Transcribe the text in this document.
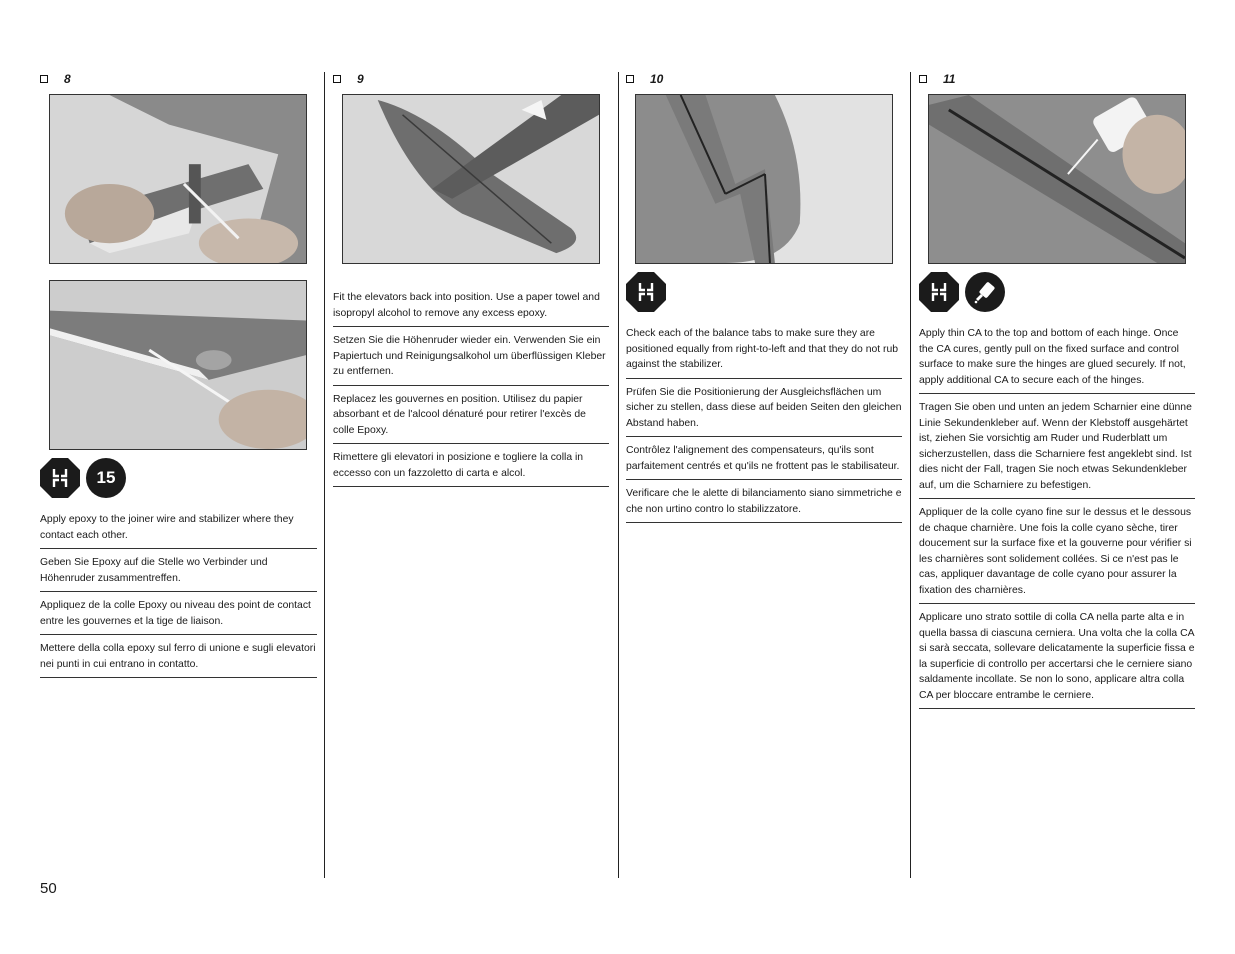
8
15
Apply epoxy to the joiner wire and stabilizer where they contact each other.
Geben Sie Epoxy auf die Stelle wo Verbinder und Höhenruder zusammentreffen.
Appliquez de la colle Epoxy ou niveau des point de contact entre les gouvernes et la tige de liaison.
Mettere della colla epoxy sul ferro di unione e sugli elevatori nei punti in cui entrano in contatto.
9
Fit the elevators back into position. Use a paper towel and isopropyl alcohol to remove any excess epoxy.
Setzen Sie die Höhenruder wieder ein. Verwenden Sie ein Papiertuch und Reinigungsalkohol um überflüssigen Kleber zu entfernen.
Replacez les gouvernes en position. Utilisez du papier absorbant et de l'alcool dénaturé pour retirer l'excès de colle Epoxy.
Rimettere gli elevatori in posizione e togliere la colla in eccesso con un fazzoletto di carta e alcol.
10
Check each of the balance tabs to make sure they are positioned equally from right-to-left and that they do not rub against the stabilizer.
Prüfen Sie die Positionierung der Ausgleichsflächen um sicher zu stellen, dass diese auf beiden Seiten den gleichen Abstand haben.
Contrôlez l'alignement des compensateurs, qu'ils sont parfaitement centrés et qu'ils ne frottent pas le stabilisateur.
Verificare che le alette di bilanciamento siano simmetriche e che non urtino contro lo stabilizzatore.
11
Apply thin CA to the top and bottom of each hinge. Once the CA cures, gently pull on the fixed surface and control surface to make sure the hinges are glued securely. If not, apply additional CA to secure each of the hinges.
Tragen Sie oben und unten an jedem Scharnier eine dünne Linie Sekundenkleber auf. Wenn der Klebstoff ausgehärtet ist, ziehen Sie vorsichtig am Ruder und Ruderblatt um sicherzustellen, dass die Scharniere fest angeklebt sind. Ist dies nicht der Fall, tragen Sie noch etwas Sekundenkleber auf, um die Scharniere zu befestigen.
Appliquer de la colle cyano fine sur le dessus et le dessous de chaque charnière. Une fois la colle cyano sèche, tirer doucement sur la surface fixe et la gouverne pour vérifier si les charnières sont solidement collées. Si ce n'est pas le cas, appliquer davantage de colle cyano pour assurer la fixation des charnières.
Applicare uno strato sottile di colla CA nella parte alta e in quella bassa di ciascuna cerniera. Una volta che la colla CA si sarà seccata, sollevare delicatamente la superficie fissa e la superficie di controllo per accertarsi che le cerniere siano saldamente incollate. Se non lo sono, applicare altra colla CA per bloccare entrambe le cerniere.
50
